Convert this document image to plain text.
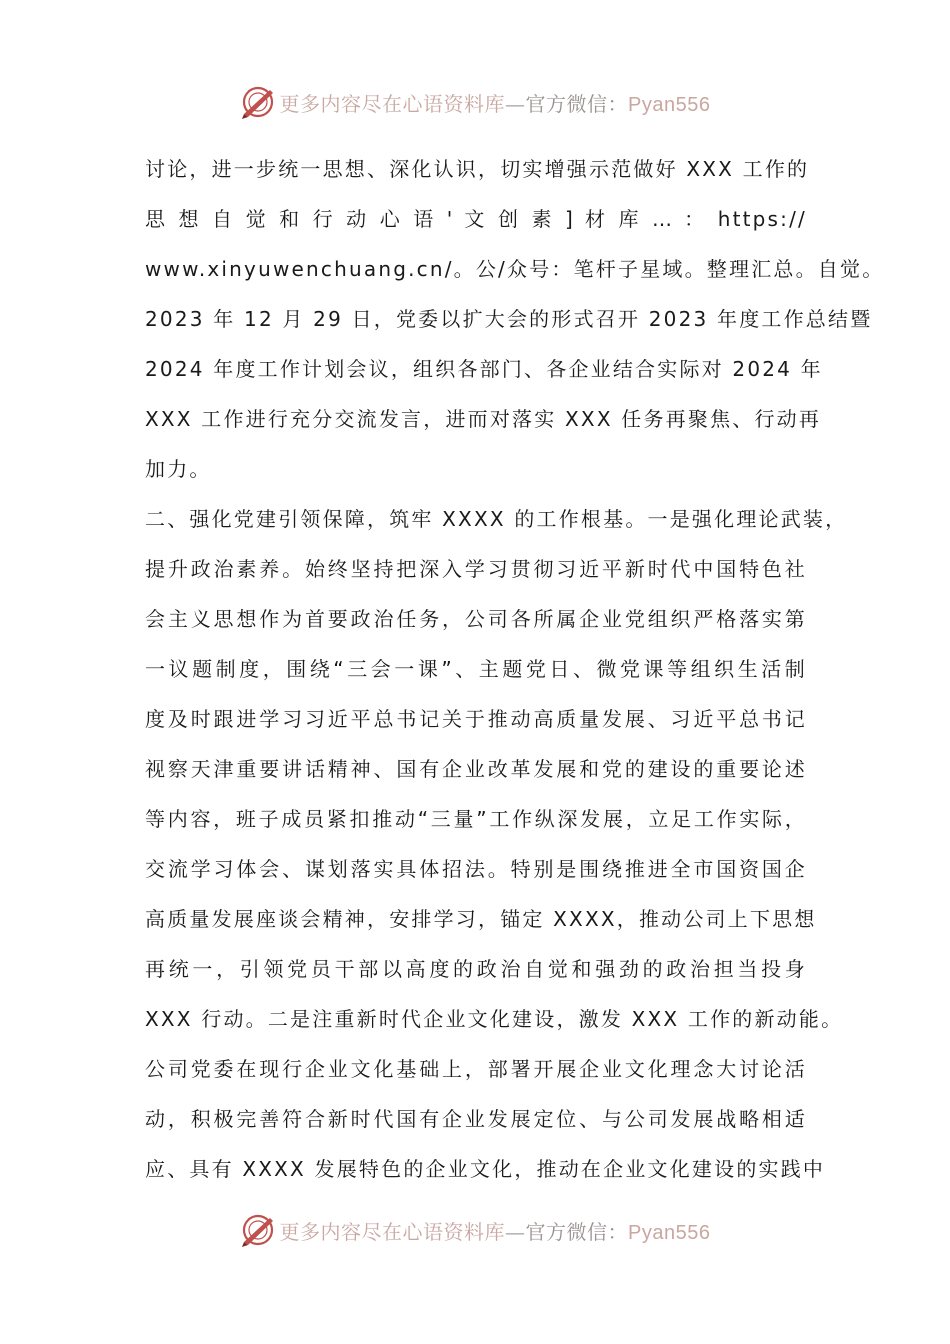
更多内容尽在心语资料库—官方微信：Pyan556
讨论，进一步统一思想、深化认识，切实增强示范做好 XXX 工作的
思 想 自 觉 和 行 动 心 语 ' 文 创 素 ] 材 库 … ： https://
www.xinyuwenchuang.cn/。公/众号：笔杆子星域。整理汇总。自觉。
2023 年 12 月 29 日，党委以扩大会的形式召开 2023 年度工作总结暨
2024 年度工作计划会议，组织各部门、各企业结合实际对 2024 年
XXX 工作进行充分交流发言，进而对落实 XXX 任务再聚焦、行动再
加力。
二、强化党建引领保障，筑牢 XXXX 的工作根基。一是强化理论武装，
提升政治素养。始终坚持把深入学习贯彻习近平新时代中国特色社
会主义思想作为首要政治任务，公司各所属企业党组织严格落实第
一议题制度，围绕“三会一课”、主题党日、微党课等组织生活制
度及时跟进学习习近平总书记关于推动高质量发展、习近平总书记
视察天津重要讲话精神、国有企业改革发展和党的建设的重要论述
等内容，班子成员紧扣推动“三量”工作纵深发展，立足工作实际，
交流学习体会、谋划落实具体招法。特别是围绕推进全市国资国企
高质量发展座谈会精神，安排学习，锚定 XXXX，推动公司上下思想
再统一，引领党员干部以高度的政治自觉和强劲的政治担当投身
XXX 行动。二是注重新时代企业文化建设，激发 XXX 工作的新动能。
公司党委在现行企业文化基础上，部署开展企业文化理念大讨论活
动，积极完善符合新时代国有企业发展定位、与公司发展战略相适
应、具有 XXXX 发展特色的企业文化，推动在企业文化建设的实践中
更多内容尽在心语资料库—官方微信：Pyan556
